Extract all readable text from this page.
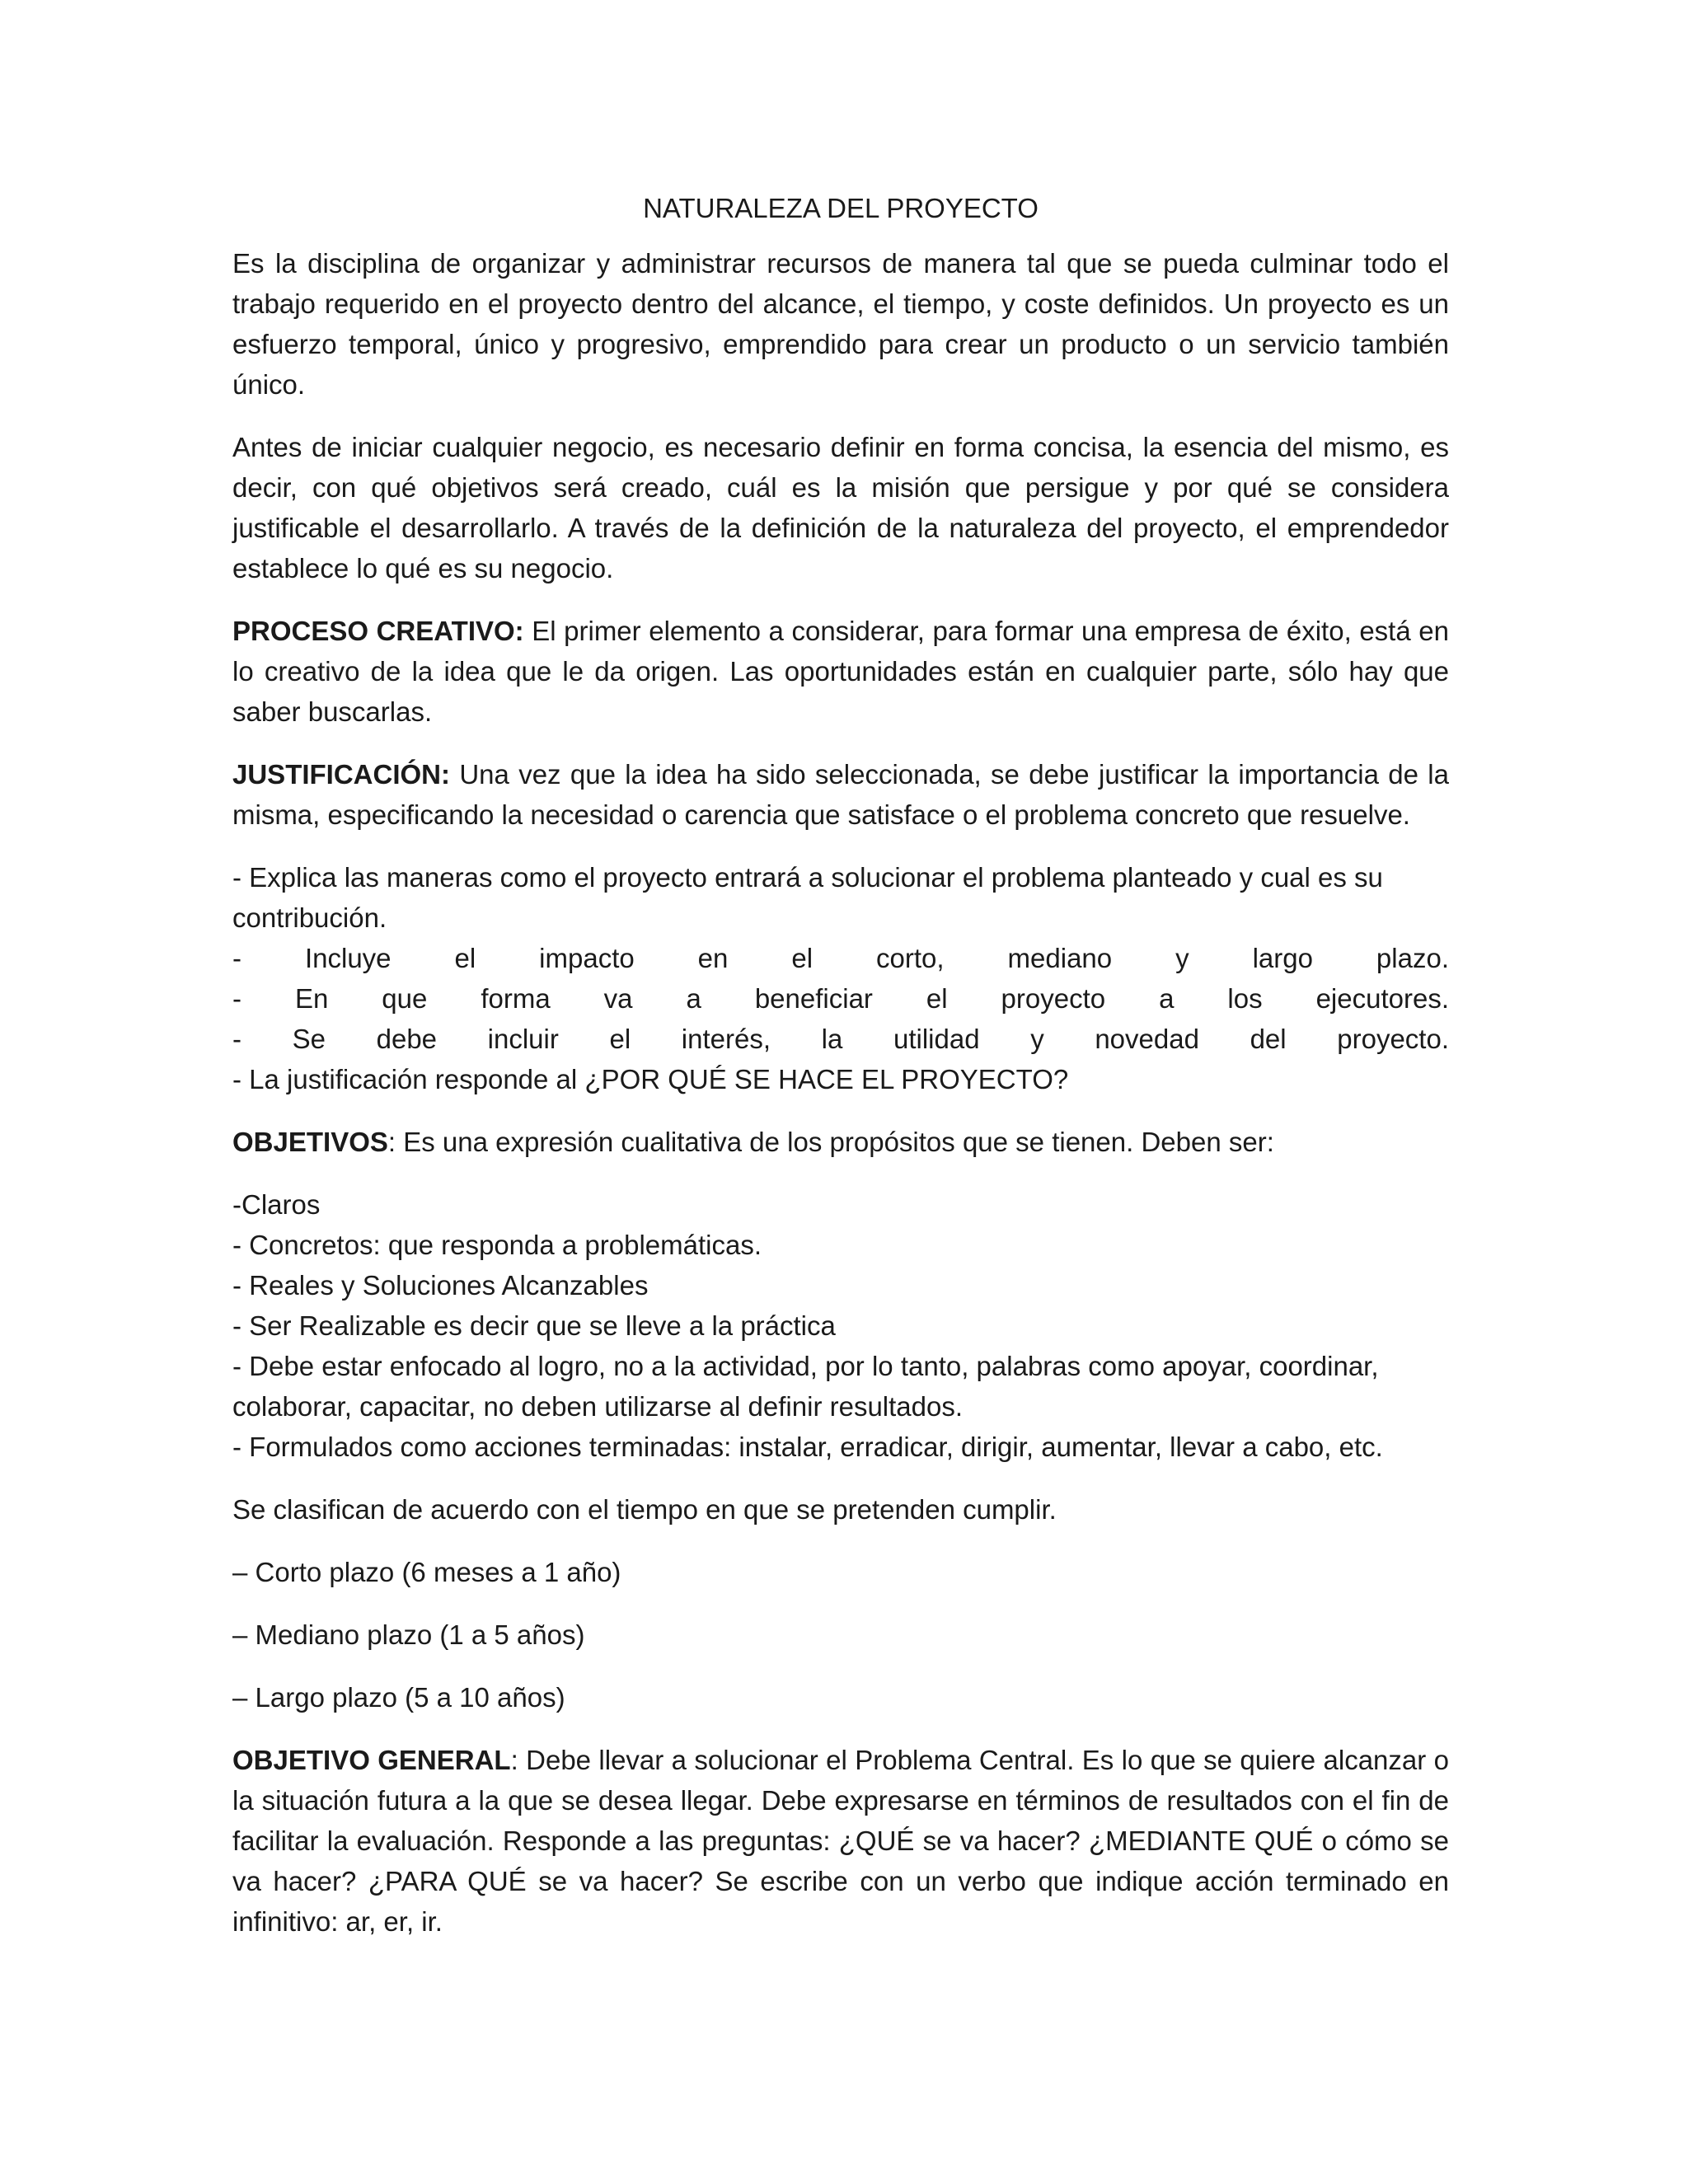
NATURALEZA DEL PROYECTO

Es la disciplina de organizar y administrar recursos de manera tal que se pueda culminar todo el trabajo requerido en el proyecto dentro del alcance, el tiempo, y coste definidos. Un proyecto es un esfuerzo temporal, único y progresivo, emprendido para crear un producto o un servicio también único.

Antes de iniciar cualquier negocio, es necesario definir en forma concisa, la esencia del mismo, es decir, con qué objetivos será creado, cuál es la misión que persigue y por qué se considera justificable el desarrollarlo. A través de la definición de la naturaleza del proyecto, el emprendedor establece lo qué es su negocio.

PROCESO CREATIVO: El primer elemento a considerar, para formar una empresa de éxito, está en lo creativo de la idea que le da origen. Las oportunidades están en cualquier parte, sólo hay que saber buscarlas.

JUSTIFICACIÓN: Una vez que la idea ha sido seleccionada, se debe justificar la importancia de la misma, especificando la necesidad o carencia que satisface o el problema concreto que resuelve.

- Explica las maneras como el proyecto entrará a solucionar el problema planteado y cual es su contribución.
- Incluye el impacto en el corto, mediano y largo plazo.
- En que forma va a beneficiar el proyecto a los ejecutores.
- Se debe incluir el interés, la utilidad y novedad del proyecto.
- La justificación responde al ¿POR QUÉ SE HACE EL PROYECTO?

OBJETIVOS: Es una expresión cualitativa de los propósitos que se tienen. Deben ser:

-Claros
- Concretos: que responda a problemáticas.
- Reales y Soluciones Alcanzables
- Ser Realizable es decir que se lleve a la práctica
- Debe estar enfocado al logro, no a la actividad, por lo tanto, palabras como apoyar, coordinar, colaborar, capacitar, no deben utilizarse al definir resultados.
- Formulados como acciones terminadas: instalar, erradicar, dirigir, aumentar, llevar a cabo, etc.

Se clasifican de acuerdo con el tiempo en que se pretenden cumplir.

– Corto plazo (6 meses a 1 año)

– Mediano plazo (1 a 5 años)

– Largo plazo (5 a 10 años)

OBJETIVO GENERAL: Debe llevar a solucionar el Problema Central. Es lo que se quiere alcanzar o la situación futura a la que se desea llegar. Debe expresarse en términos de resultados con el fin de facilitar la evaluación. Responde a las preguntas: ¿QUÉ se va hacer? ¿MEDIANTE QUÉ o cómo se va hacer? ¿PARA QUÉ se va hacer? Se escribe con un verbo que indique acción terminado en infinitivo: ar, er, ir.
